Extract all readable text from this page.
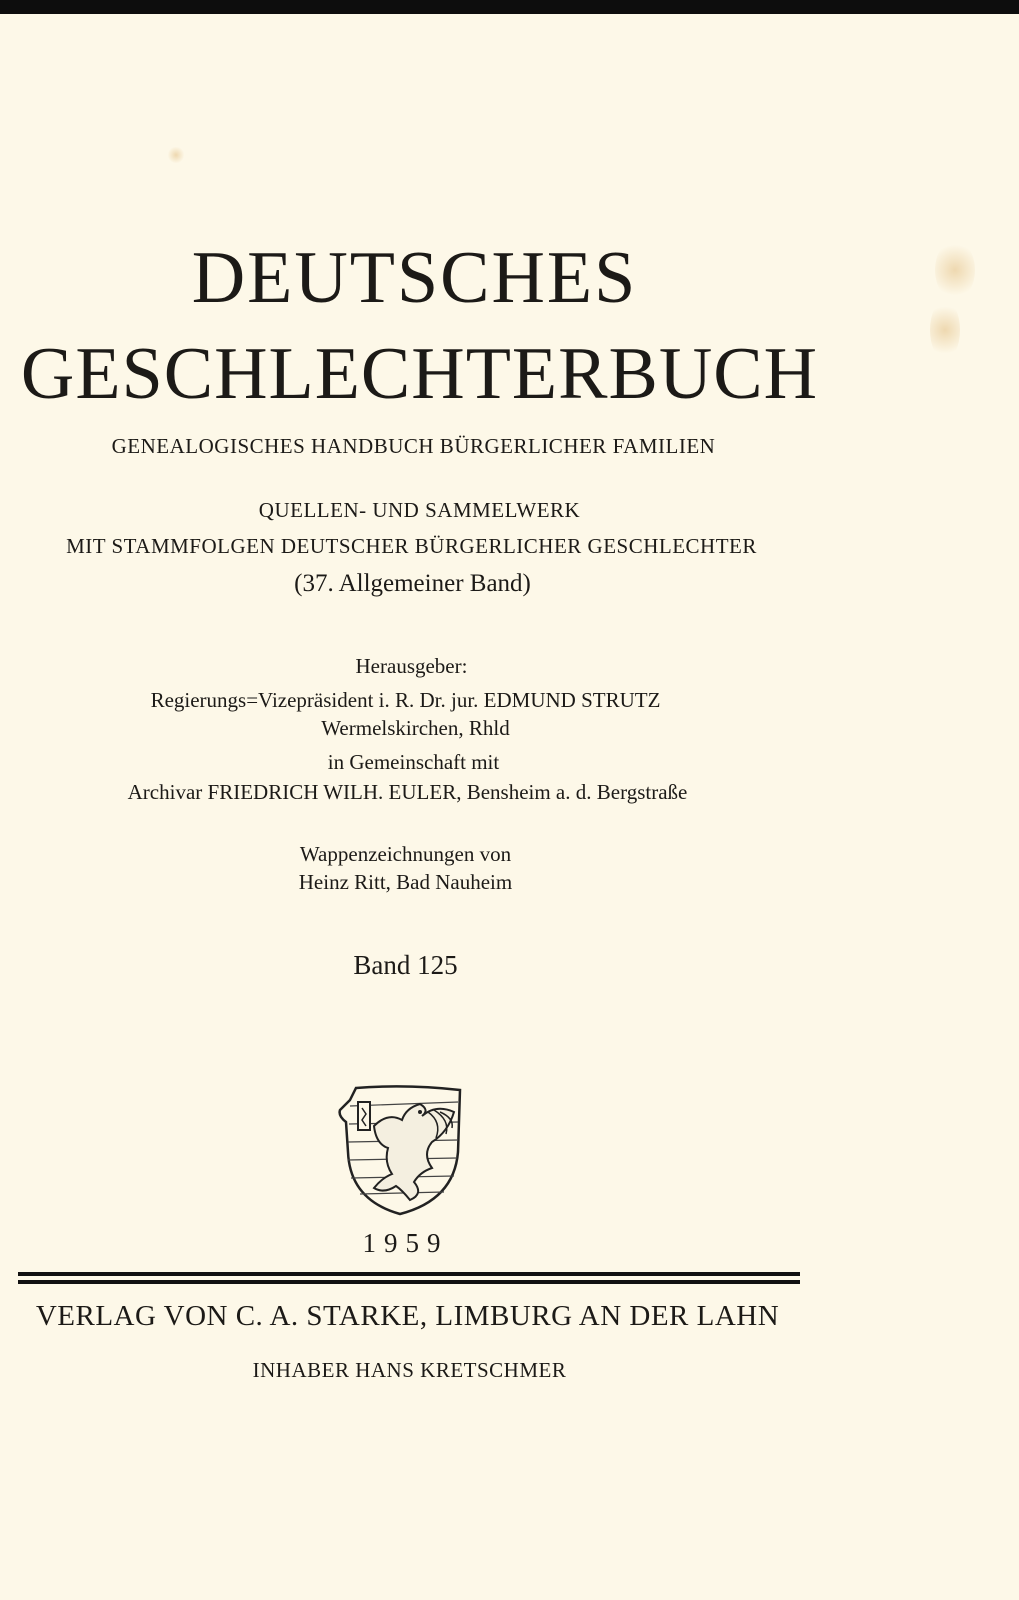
DEUTSCHES
GESCHLECHTERBUCH
GENEALOGISCHES HANDBUCH BÜRGERLICHER FAMILIEN
QUELLEN- UND SAMMELWERK
MIT STAMMFOLGEN DEUTSCHER BÜRGERLICHER GESCHLECHTER
(37. Allgemeiner Band)
Herausgeber:
Regierungs=Vizepräsident i. R. Dr. jur. EDMUND STRUTZ
Wermelskirchen, Rhld
in Gemeinschaft mit
Archivar FRIEDRICH WILH. EULER, Bensheim a. d. Bergstraße
Wappenzeichnungen von
Heinz Ritt, Bad Nauheim
Band 125
1959
VERLAG VON C. A. STARKE, LIMBURG AN DER LAHN
INHABER HANS KRETSCHMER
